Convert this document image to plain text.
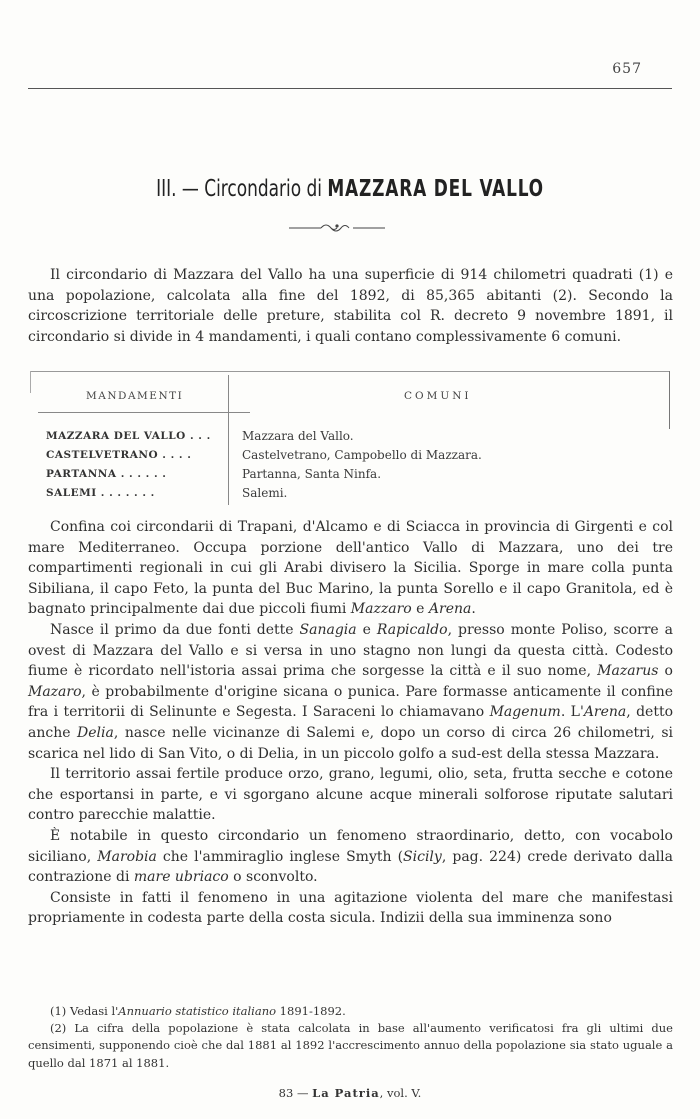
657
III. — Circondario di MAZZARA DEL VALLO

Il circondario di Mazzara del Vallo ha una superficie di 914 chilometri quadrati (1) e una popolazione, calcolata alla fine del 1892, di 85,365 abitanti (2). Secondo la circoscrizione territoriale delle preture, stabilita col R. decreto 9 novembre 1891, il circondario si divide in 4 mandamenti, i quali contano complessivamente 6 comuni.

MANDAMENTI	COMUNI
MAZZARA DEL VALLO . . .	Mazzara del Vallo.
CASTELVETRANO . . . .	Castelvetrano, Campobello di Mazzara.
PARTANNA . . . . . .	Partanna, Santa Ninfa.
SALEMI . . . . . . .	Salemi.

Confina coi circondarii di Trapani, d'Alcamo e di Sciacca in provincia di Girgenti e col mare Mediterraneo. Occupa porzione dell'antico Vallo di Mazzara, uno dei tre compartimenti regionali in cui gli Arabi divisero la Sicilia. Sporge in mare colla punta Sibiliana, il capo Feto, la punta del Buc Marino, la punta Sorello e il capo Granitola, ed è bagnato principalmente dai due piccoli fiumi Mazzaro e Arena.

Nasce il primo da due fonti dette Sanagia e Rapicaldo, presso monte Poliso, scorre a ovest di Mazzara del Vallo e si versa in uno stagno non lungi da questa città. Codesto fiume è ricordato nell'istoria assai prima che sorgesse la città e il suo nome, Mazarus o Mazaro, è probabilmente d'origine sicana o punica. Pare formasse anticamente il confine fra i territorii di Selinunte e Segesta. I Saraceni lo chiamavano Magenum. L'Arena, detto anche Delia, nasce nelle vicinanze di Salemi e, dopo un corso di circa 26 chilometri, si scarica nel lido di San Vito, o di Delia, in un piccolo golfo a sud-est della stessa Mazzara.

Il territorio assai fertile produce orzo, grano, legumi, olio, seta, frutta secche e cotone che esportansi in parte, e vi sgorgano alcune acque minerali solforose riputate salutari contro parecchie malattie.

È notabile in questo circondario un fenomeno straordinario, detto, con vocabolo siciliano, Marobia che l'ammiraglio inglese Smyth (Sicily, pag. 224) crede derivato dalla contrazione di mare ubriaco o sconvolto.

Consiste in fatti il fenomeno in una agitazione violenta del mare che manifestasi propriamente in codesta parte della costa sicula. Indizii della sua imminenza sono

(1) Vedasi l'Annuario statistico italiano 1891-1892.

(2) La cifra della popolazione è stata calcolata in base all'aumento verificatosi fra gli ultimi due censimenti, supponendo cioè che dal 1881 al 1892 l'accrescimento annuo della popolazione sia stato uguale a quello dal 1871 al 1881.

83 — La Patria, vol. V.
